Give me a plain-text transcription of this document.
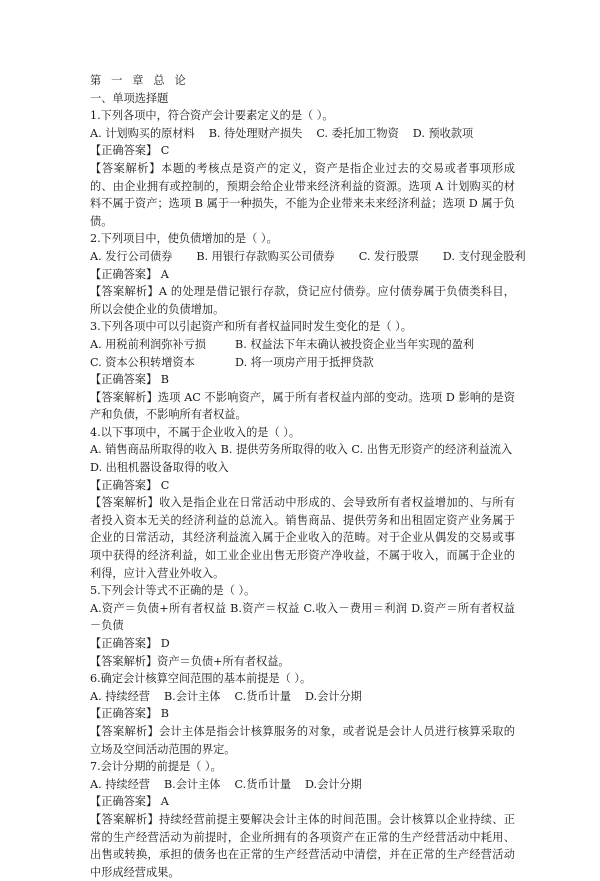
第 一 章 总 论
一、单项选择题
1.下列各项中，符合资产会计要素定义的是（ ）。
A. 计划购买的原材料 B. 待处理财产损失 C. 委托加工物资 D. 预收款项
【正确答案】 C
【答案解析】本题的考核点是资产的定义，资产是指企业过去的交易或者事项形成的、由企业拥有或控制的，预期会给企业带来经济利益的资源。选项 A 计划购买的材料不属于资产；选项 B 属于一种损失，不能为企业带来未来经济利益；选项 D 属于负债。
2.下列项目中，使负债增加的是（ ）。
A. 发行公司债券 B. 用银行存款购买公司债券 C. 发行股票 D. 支付现金股利
【正确答案】 A
【答案解析】A 的处理是借记银行存款，贷记应付债券。应付债券属于负债类科目，所以会使企业的负债增加。
3.下列各项中可以引起资产和所有者权益同时发生变化的是（ ）。
A. 用税前利润弥补亏损	B. 权益法下年末确认被投资企业当年实现的盈利
C. 资本公积转增资本	D. 将一项房产用于抵押贷款
【正确答案】 B
【答案解析】选项 AC 不影响资产，属于所有者权益内部的变动。选项 D 影响的是资产和负债，不影响所有者权益。
4.以下事项中，不属于企业收入的是（ ）。
A. 销售商品所取得的收入 B. 提供劳务所取得的收入 C. 出售无形资产的经济利益流入
D. 出租机器设备取得的收入
【正确答案】 C
【答案解析】收入是指企业在日常活动中形成的、会导致所有者权益增加的、与所有者投入资本无关的经济利益的总流入。销售商品、提供劳务和出租固定资产业务属于企业的日常活动，其经济利益流入属于企业收入的范畴。对于企业从偶发的交易或事项中获得的经济利益，如工业企业出售无形资产净收益，不属于收入，而属于企业的利得，应计入营业外收入。
5.下列会计等式不正确的是（ ）。
A.资产＝负债+所有者权益 B.资产＝权益 C.收入－费用＝利润 D.资产＝所有者权益－负债
【正确答案】 D
【答案解析】资产＝负债+所有者权益。
6.确定会计核算空间范围的基本前提是（ ）。
A. 持续经营 B.会计主体 C.货币计量 D.会计分期
【正确答案】 B
【答案解析】会计主体是指会计核算服务的对象，或者说是会计人员进行核算采取的立场及空间活动范围的界定。
7.会计分期的前提是（ ）。
A. 持续经营 B.会计主体 C.货币计量 D.会计分期
【正确答案】 A
【答案解析】持续经营前提主要解决会计主体的时间范围。会计核算以企业持续、正常的生产经营活动为前提时，企业所拥有的各项资产在正常的生产经营活动中耗用、出售或转换，承担的债务也在正常的生产经营活动中清偿，并在正常的生产经营活动中形成经营成果。
